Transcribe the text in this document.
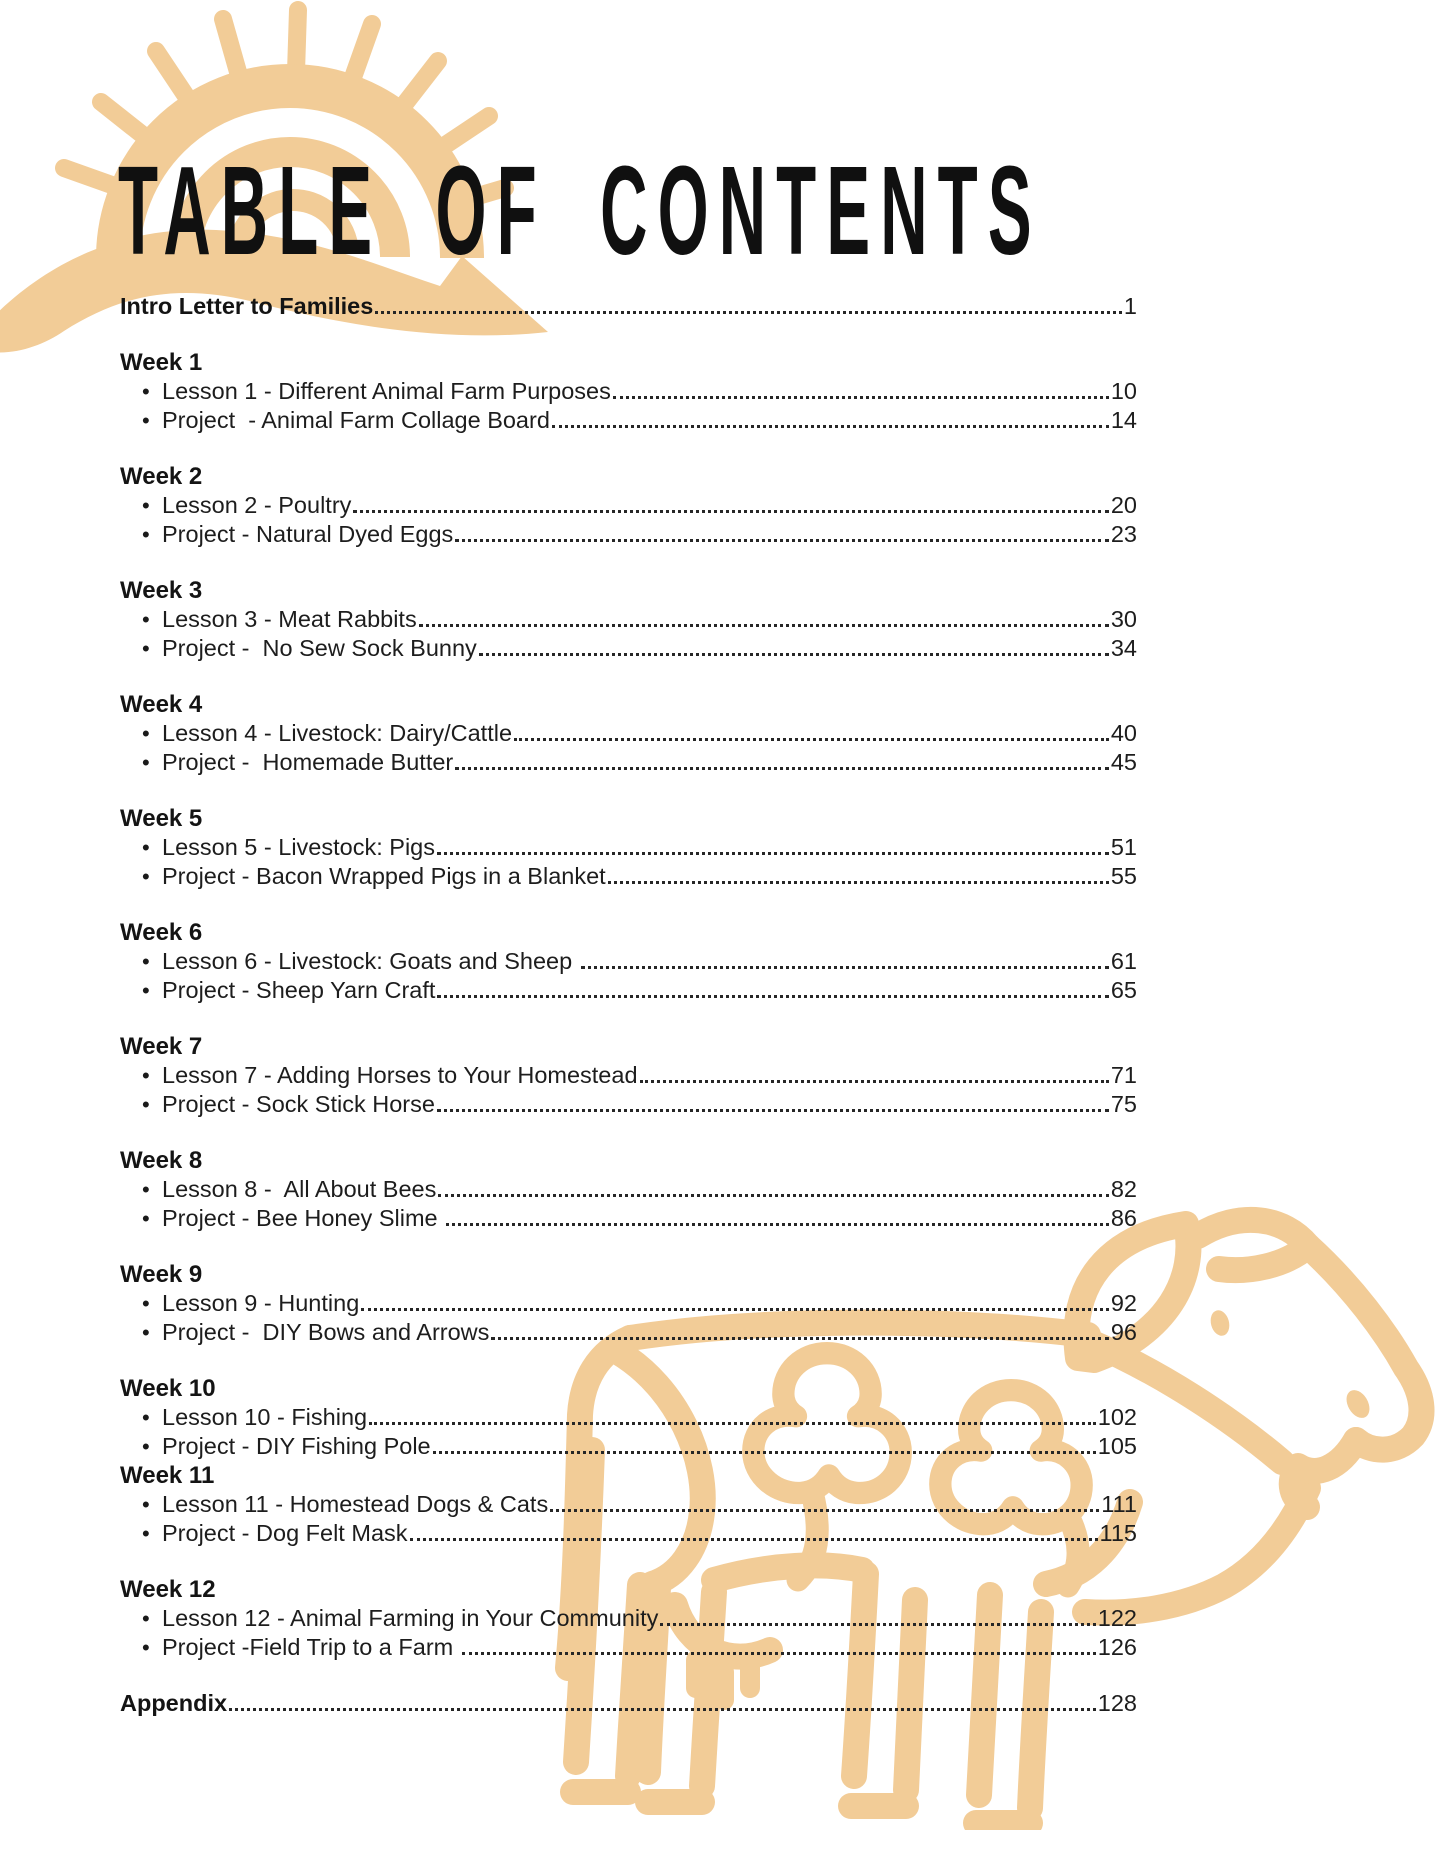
TABLE OF CONTENTS
Intro Letter to Families	1
Week 1
• Lesson 1 - Different Animal Farm Purposes	10
• Project  - Animal Farm Collage Board	14
Week 2
• Lesson 2 - Poultry	20
• Project - Natural Dyed Eggs	23
Week 3
• Lesson 3 - Meat Rabbits	30
• Project -  No Sew Sock Bunny	34
Week 4
• Lesson 4 - Livestock: Dairy/Cattle	40
• Project -  Homemade Butter	45
Week 5
• Lesson 5 - Livestock: Pigs	51
• Project - Bacon Wrapped Pigs in a Blanket	55
Week 6
• Lesson 6 - Livestock: Goats and Sheep	61
• Project - Sheep Yarn Craft	65
Week 7
• Lesson 7 - Adding Horses to Your Homestead	71
• Project - Sock Stick Horse	75
Week 8
• Lesson 8 -  All About Bees	82
• Project - Bee Honey Slime	86
Week 9
• Lesson 9 - Hunting	92
• Project -  DIY Bows and Arrows	96
Week 10
• Lesson 10 - Fishing	102
• Project - DIY Fishing Pole	105
Week 11
• Lesson 11 - Homestead Dogs & Cats	111
• Project - Dog Felt Mask	115
Week 12
• Lesson 12 - Animal Farming in Your Community	122
• Project -Field Trip to a Farm	126
Appendix	128
